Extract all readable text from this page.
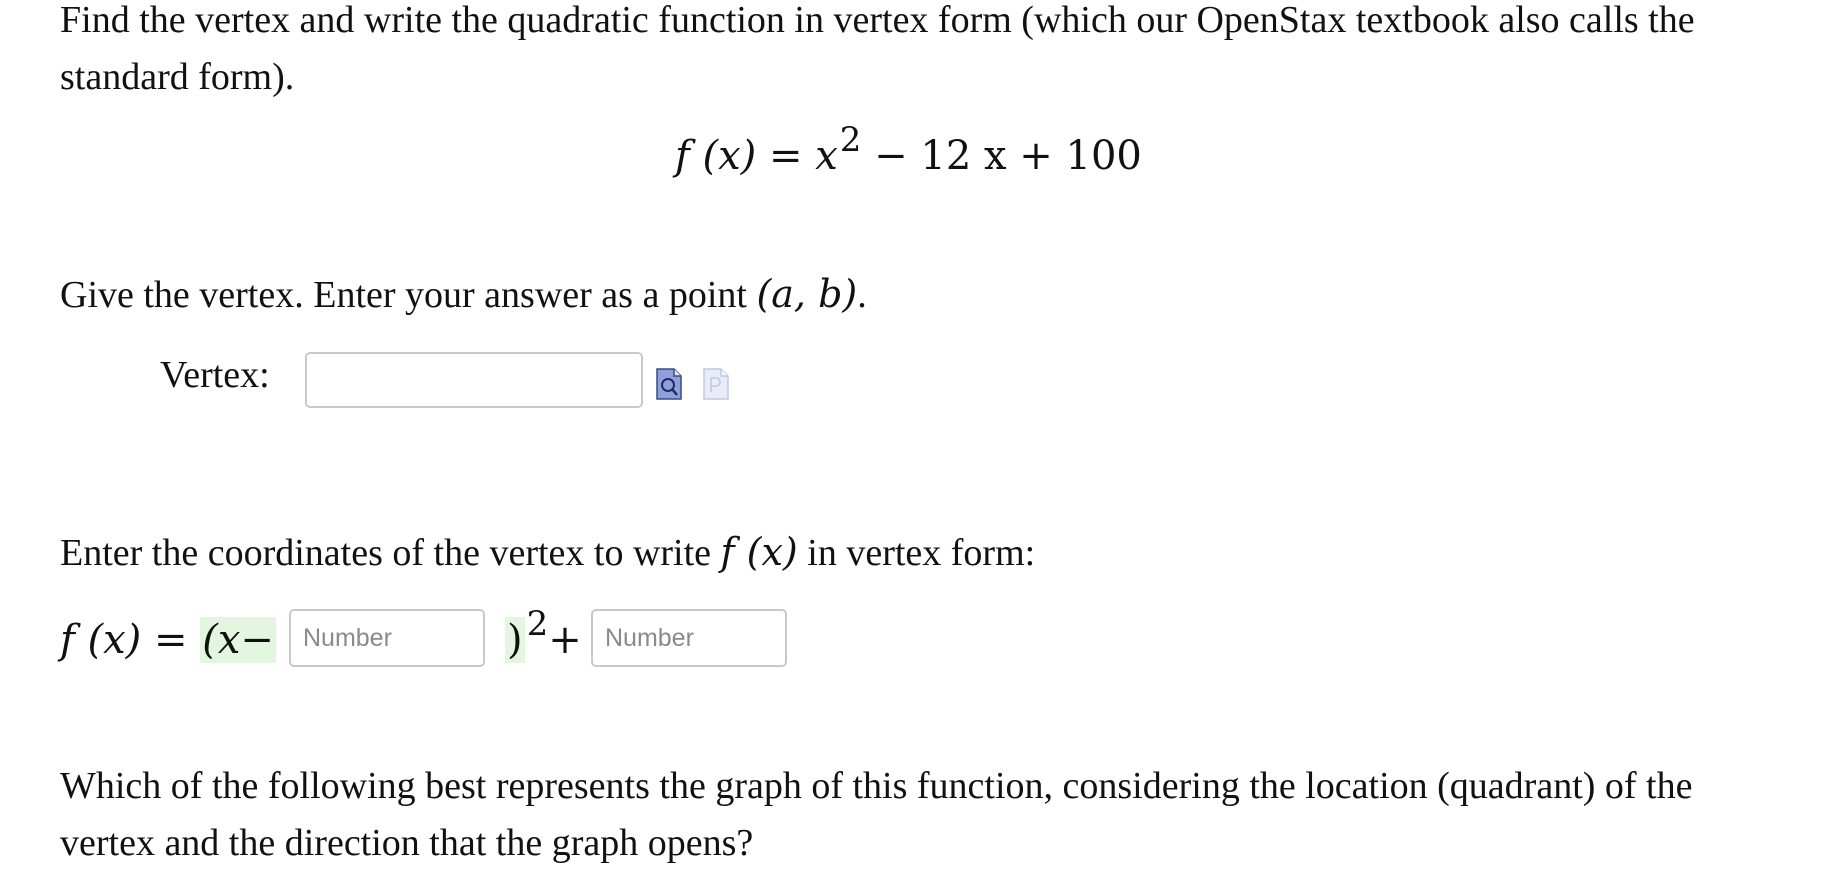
Find the vertex and write the quadratic function in vertex form (which our OpenStax textbook also calls the standard form).
f $(x) = x^2 - 12$ x + 100
Give the vertex. Enter your answer as a point (a, b).
Vertex:
Enter the coordinates of the vertex to write f (x) in vertex form:
f (x) = (x−
Number	) $^2$+
Number
Which of the following best represents the graph of this function, considering the location (quadrant) of the vertex and the direction that the graph opens?
